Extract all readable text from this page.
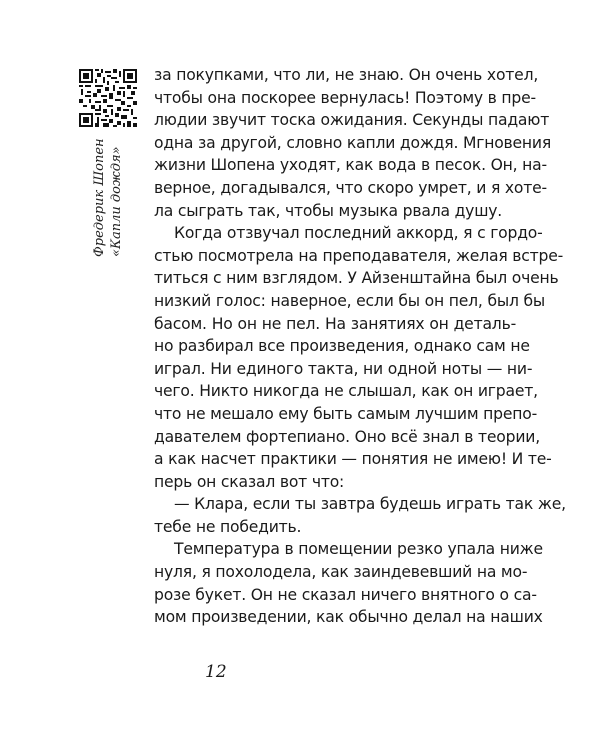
Фредерик Шопен «Капли дождя»
за покупками, что ли, не знаю. Он очень хотел,
чтобы она поскорее вернулась! Поэтому в пре-
людии звучит тоска ожидания. Секунды падают
одна за другой, словно капли дождя. Мгновения
жизни Шопена уходят, как вода в песок. Он, на-
верное, догадывался, что скоро умрет, и я хоте-
ла сыграть так, чтобы музыка рвала душу.
Когда отзвучал последний аккорд, я с гордо-
стью посмотрела на преподавателя, желая встре-
титься с ним взглядом. У Айзенштайна был очень
низкий голос: наверное, если бы он пел, был бы
басом. Но он не пел. На занятиях он деталь-
но разбирал все произведения, однако сам не
играл. Ни единого такта, ни одной ноты — ни-
чего. Никто никогда не слышал, как он играет,
что не мешало ему быть самым лучшим препо-
давателем фортепиано. Оно всё знал в теории,
а как насчет практики — понятия не имею! И те-
перь он сказал вот что:
— Клара, если ты завтра будешь играть так же,
тебе не победить.
Температура в помещении резко упала ниже
нуля, я похолодела, как заиндевевший на мо-
розе букет. Он не сказал ничего внятного о са-
мом произведении, как обычно делал на наших
12
